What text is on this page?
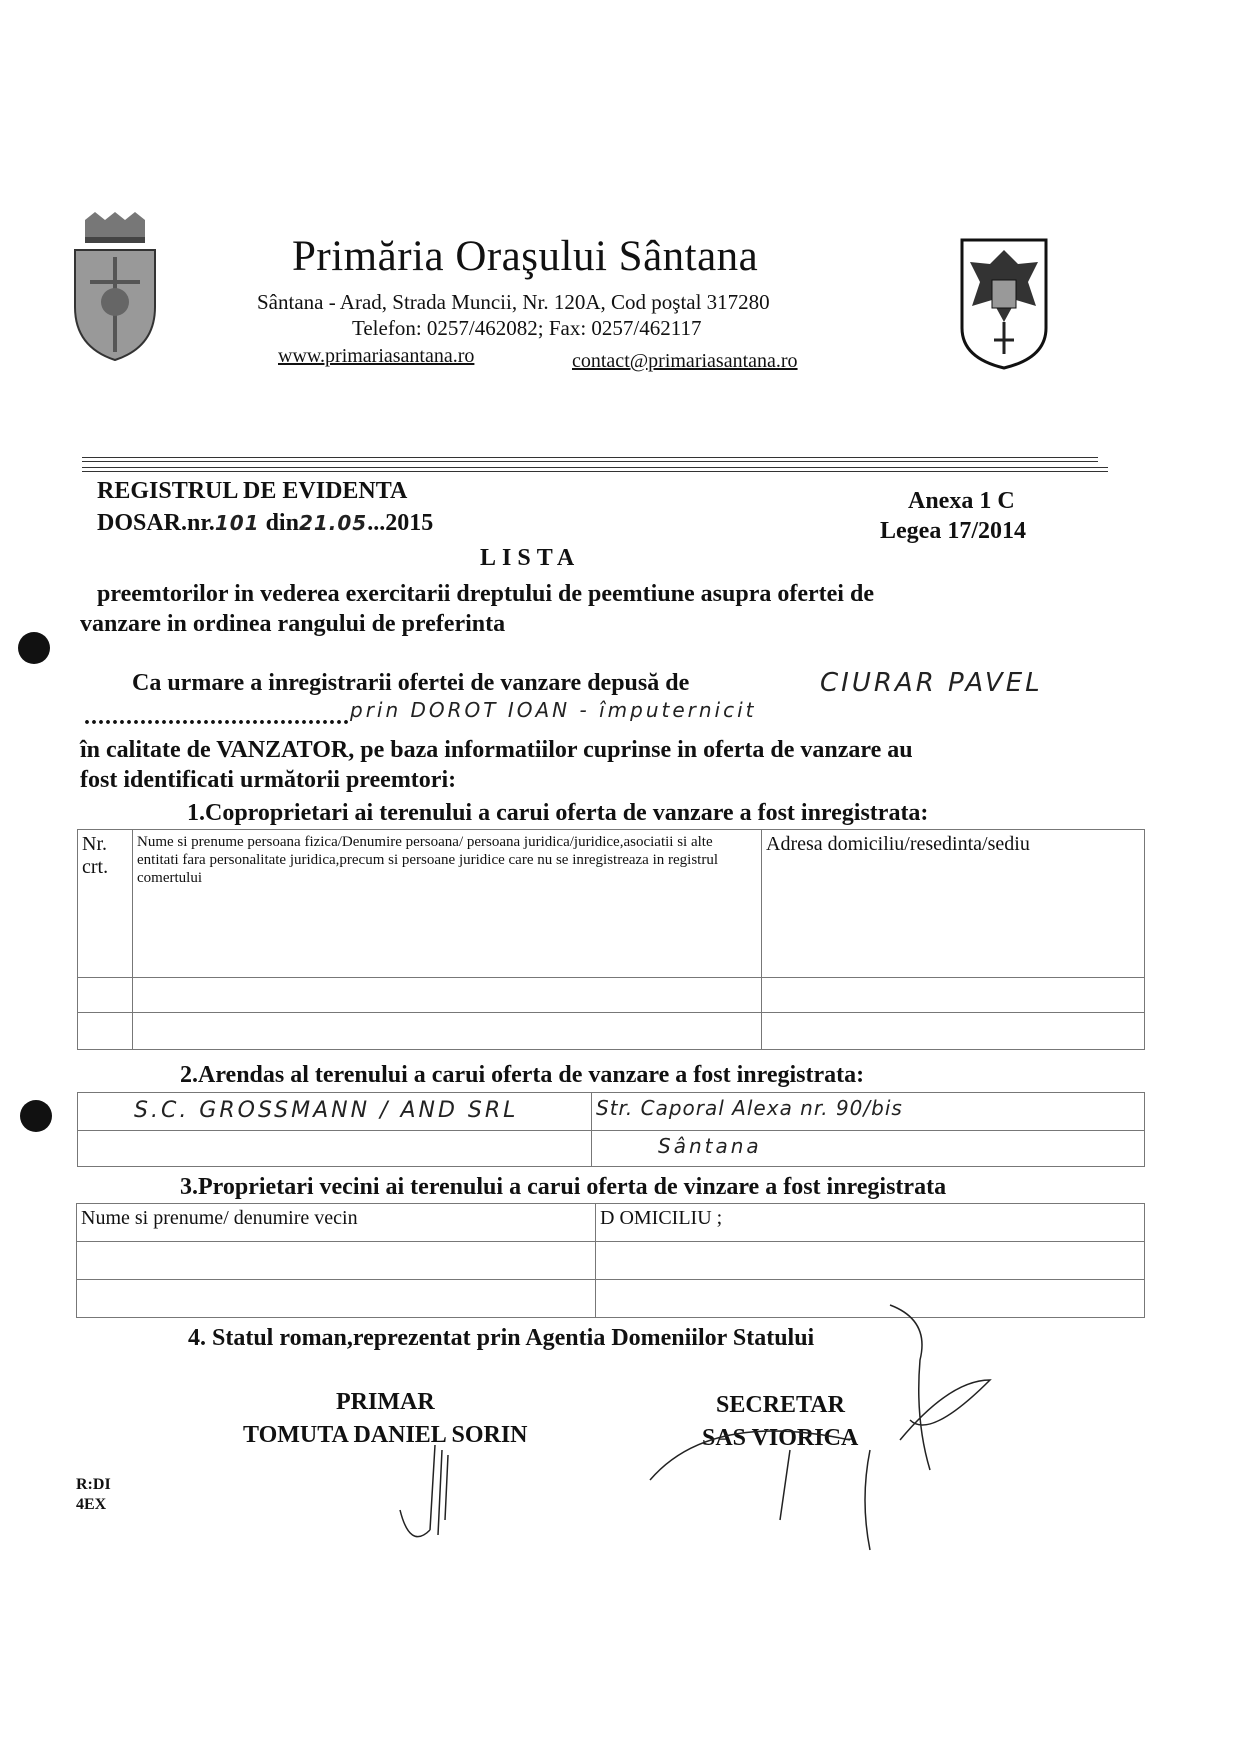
Primăria Oraşului Sântana
Sântana - Arad, Strada Muncii, Nr. 120A, Cod poştal 317280
Telefon: 0257/462082; Fax: 0257/462117
www.primariasantana.ro	contact@primariasantana.ro
REGISTRUL DE EVIDENTA
DOSAR.nr.101 din21.05...2015
Anexa 1 C
Legea 17/2014
LISTA
preemtorilor in vederea exercitarii dreptului de peemtiune asupra ofertei de
vanzare in ordinea rangului de preferinta
Ca urmare a inregistrarii ofertei de vanzare depusă de	CIURAR PAVEL
...................................... prin DOROT IOAN - împuternicit
în calitate de VANZATOR, pe baza informatiilor cuprinse in oferta de vanzare au
fost identificati următorii preemtori:
1.Coproprietari ai terenului a carui oferta de vanzare a fost inregistrata:
Nr. crt.	Nume si prenume persoana fizica/Denumire persoana/ persoana juridica/juridice,asociatii si alte entitati fara personalitate juridica,precum si persoane juridice care nu se inregistreaza in registrul comertului	Adresa domiciliu/resedinta/sediu

2.Arendas al terenului a carui oferta de vanzare a fost inregistrata:
S.C. GROSSMANN / AND SRL	Str. Caporal Alexa nr. 90/bis
	Sântana
3.Proprietari vecini ai terenului a carui oferta de vinzare a fost inregistrata
Nume si prenume/ denumire vecin	D OMICILIU ;

4. Statul roman,reprezentat prin Agentia Domeniilor Statului
PRIMAR
TOMUTA DANIEL SORIN
SECRETAR
SAS VIORICA
R:DI
4EX
